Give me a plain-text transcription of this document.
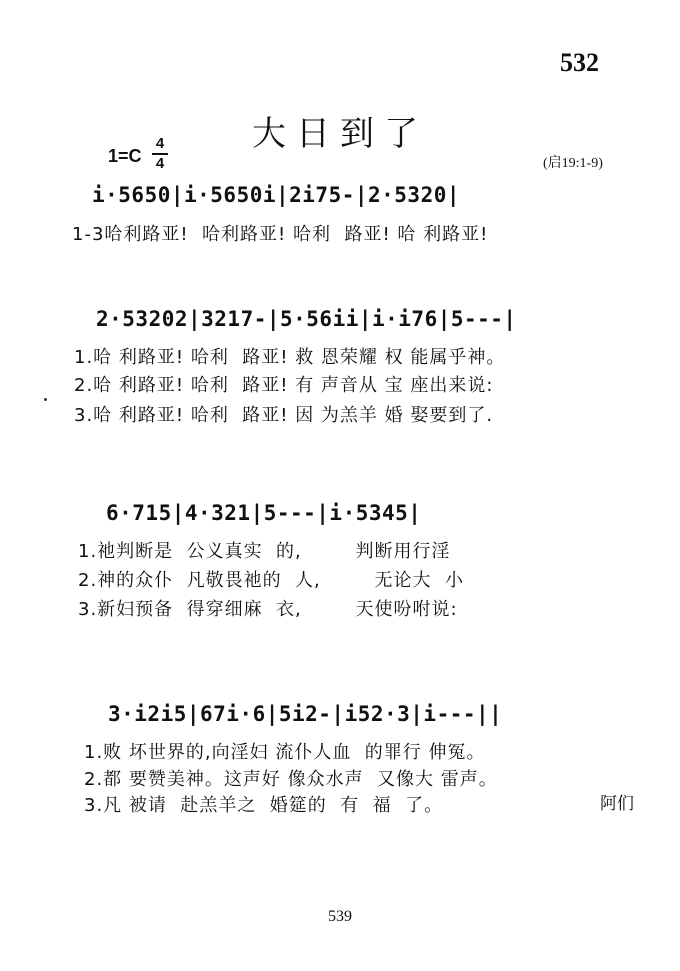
532
大日到了
1=C
4
4	(启19:1-9)
i·5650|i·5650i|2i75-|2·5320|
1-3哈利路亚!  哈利路亚! 哈利  路亚! 哈 利路亚!
2·53202|3217-|5·56ii|i·i76|5---|
1.哈 利路亚! 哈利  路亚! 救 恩荣耀 权 能属乎神。
2.哈 利路亚! 哈利  路亚! 有 声音从 宝 座出来说:
3.哈 利路亚! 哈利  路亚! 因 为羔羊 婚 娶要到了.
6·715|4·321|5---|i·5345|
1.祂判断是  公义真实  的,        判断用行淫
2.神的众仆  凡敬畏祂的  人,        无论大  小
3.新妇预备  得穿细麻  衣,        天使吩咐说:
3·i2i5|67i·6|5i2-|i52·3|i---||
1.败 坏世界的,向淫妇 流仆人血  的罪行 伸冤。
2.都 要赞美神。这声好 像众水声  又像大 雷声。
3.凡 被请  赴羔羊之  婚筵的  有  福  了。	阿们
539
